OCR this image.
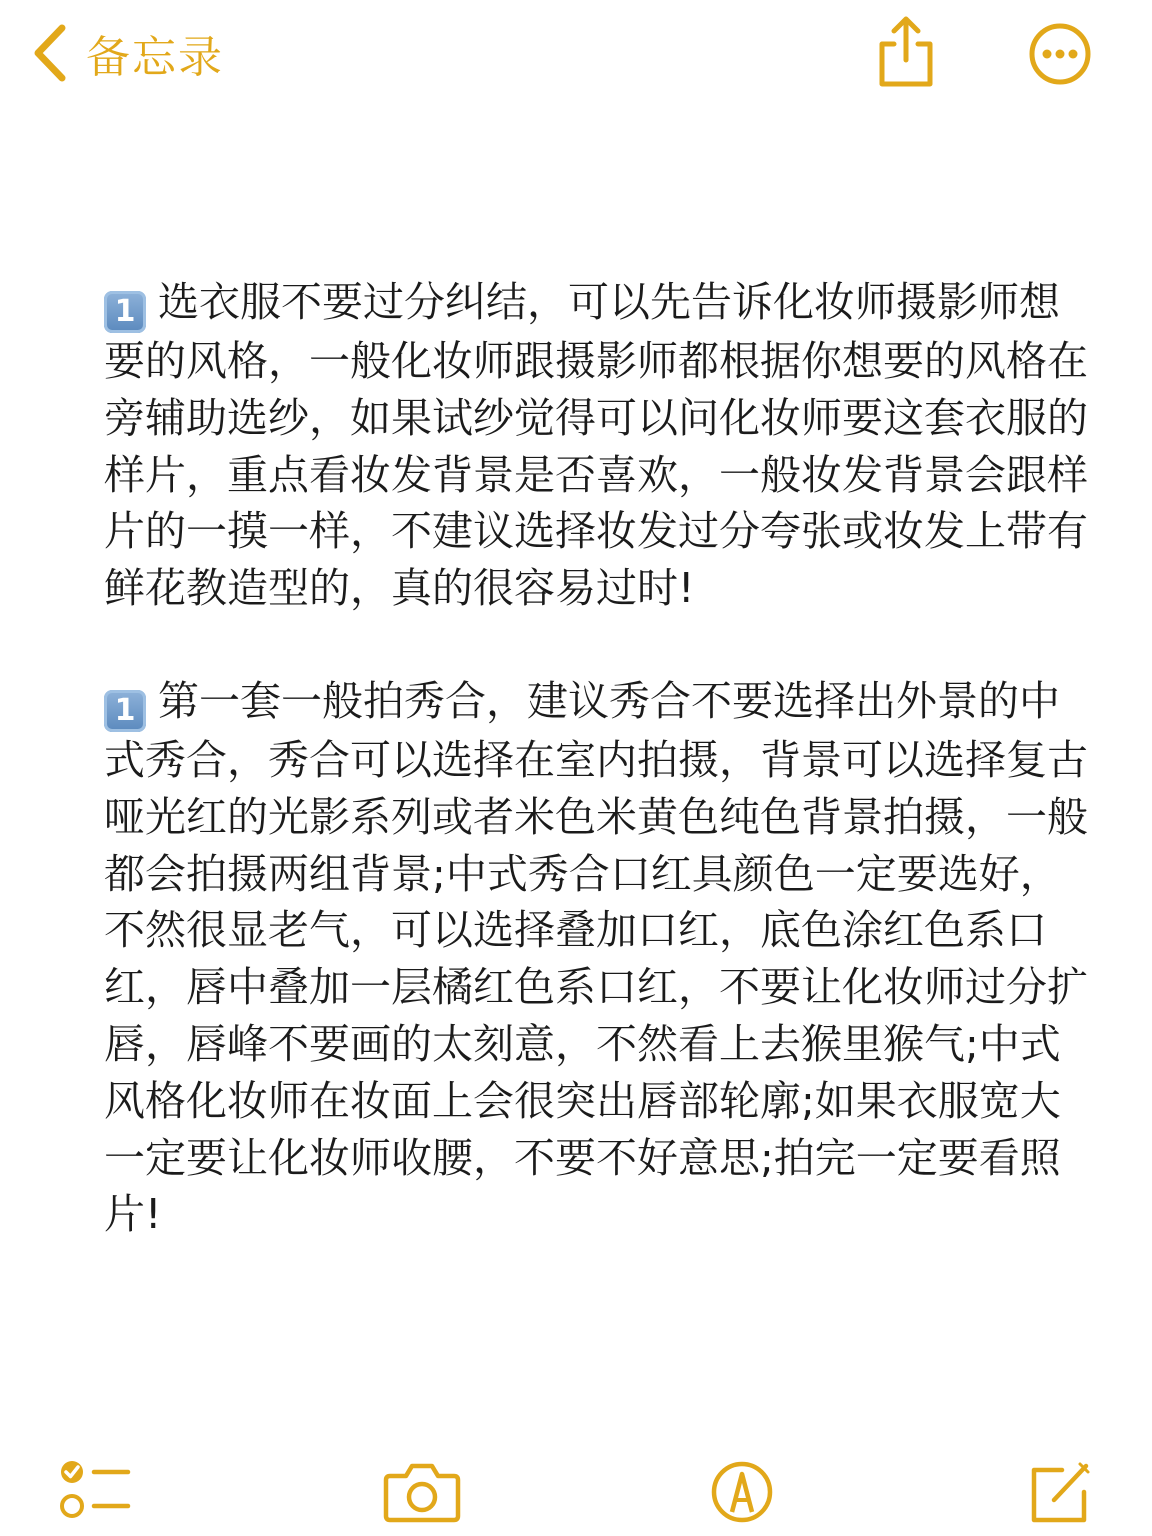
备忘录

1 选衣服不要过分纠结，可以先告诉化妆师摄影师想要的风格，一般化妆师跟摄影师都根据你想要的风格在旁辅助选纱，如果试纱觉得可以问化妆师要这套衣服的样片，重点看妆发背景是否喜欢，一般妆发背景会跟样片的一摸一样，不建议选择妆发过分夸张或妆发上带有鲜花教造型的，真的很容易过时!

1 第一套一般拍秀合，建议秀合不要选择出外景的中式秀合，秀合可以选择在室内拍摄，背景可以选择复古哑光红的光影系列或者米色米黄色纯色背景拍摄，一般都会拍摄两组背景;中式秀合口红具颜色一定要选好，不然很显老气，可以选择叠加口红，底色涂红色系口红，唇中叠加一层橘红色系口红，不要让化妆师过分扩唇，唇峰不要画的太刻意，不然看上去猴里猴气;中式风格化妆师在妆面上会很突出唇部轮廓;如果衣服宽大一定要让化妆师收腰，不要不好意思;拍完一定要看照片!
